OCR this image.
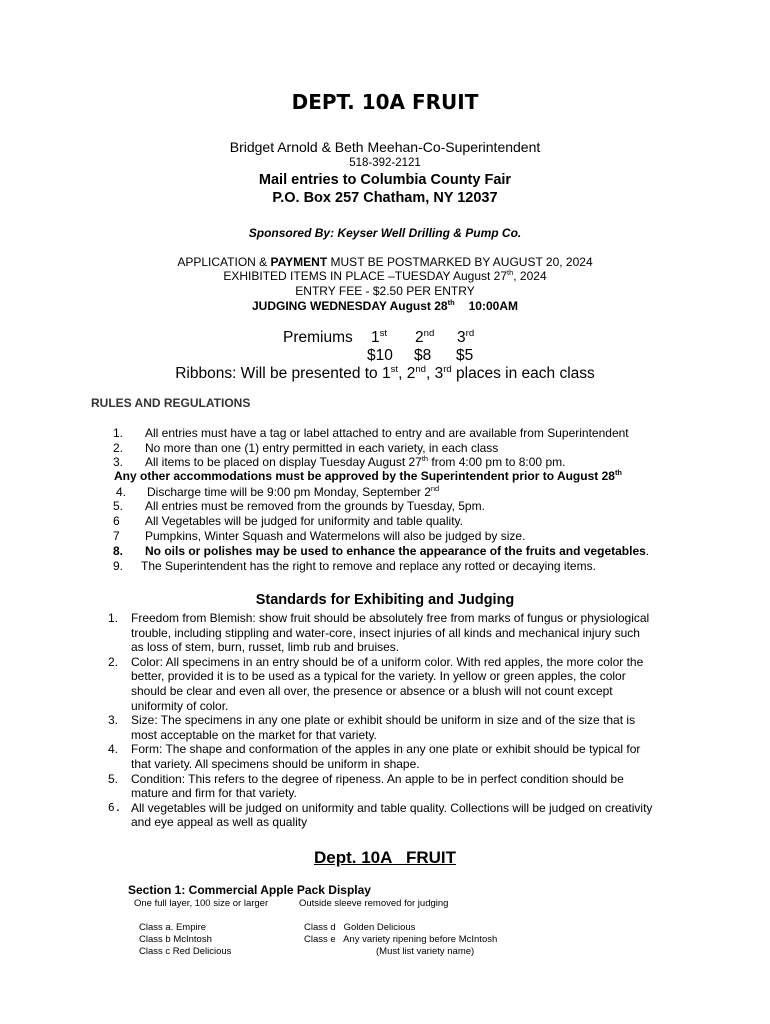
DEPT. 10A FRUIT
Bridget Arnold & Beth Meehan-Co-Superintendent
518-392-2121
Mail entries to Columbia County Fair
P.O. Box 257 Chatham, NY 12037
Sponsored By: Keyser Well Drilling & Pump Co.
APPLICATION & PAYMENT MUST BE POSTMARKED BY AUGUST 20, 2024
EXHIBITED ITEMS IN PLACE –TUESDAY August 27th, 2024
ENTRY FEE - $2.50 PER ENTRY
JUDGING WEDNESDAY August 28th 10:00AM
Premiums 1st 2nd 3rd
$10 $8 $5
Ribbons: Will be presented to 1st, 2nd, 3rd places in each class
RULES AND REGULATIONS
1. All entries must have a tag or label attached to entry and are available from Superintendent
2. No more than one (1) entry permitted in each variety, in each class
3. All items to be placed on display Tuesday August 27th from 4:00 pm to 8:00 pm.
Any other accommodations must be approved by the Superintendent prior to August 28th
4. Discharge time will be 9:00 pm Monday, September 2nd
5. All entries must be removed from the grounds by Tuesday, 5pm.
6 All Vegetables will be judged for uniformity and table quality.
7 Pumpkins, Winter Squash and Watermelons will also be judged by size.
8. No oils or polishes may be used to enhance the appearance of the fruits and vegetables.
9. The Superintendent has the right to remove and replace any rotted or decaying items.
Standards for Exhibiting and Judging
1. Freedom from Blemish: show fruit should be absolutely free from marks of fungus or physiological
trouble, including stippling and water-core, insect injuries of all kinds and mechanical injury such
as loss of stem, burn, russet, limb rub and bruises.
2. Color: All specimens in an entry should be of a uniform color. With red apples, the more color the
better, provided it is to be used as a typical for the variety. In yellow or green apples, the color
should be clear and even all over, the presence or absence or a blush will not count except
uniformity of color.
3. Size: The specimens in any one plate or exhibit should be uniform in size and of the size that is
most acceptable on the market for that variety.
4. Form: The shape and conformation of the apples in any one plate or exhibit should be typical for
that variety. All specimens should be uniform in shape.
5. Condition: This refers to the degree of ripeness. An apple to be in perfect condition should be
mature and firm for that variety.
6. All vegetables will be judged on uniformity and table quality. Collections will be judged on creativity
and eye appeal as well as quality
Dept. 10A   FRUIT
Section 1: Commercial Apple Pack Display
One full layer, 100 size or larger	Outside sleeve removed for judging
Class a. Empire
Class b McIntosh
Class c Red Delicious
Class d   Golden Delicious
Class e   Any variety ripening before McIntosh
(Must list variety name)
